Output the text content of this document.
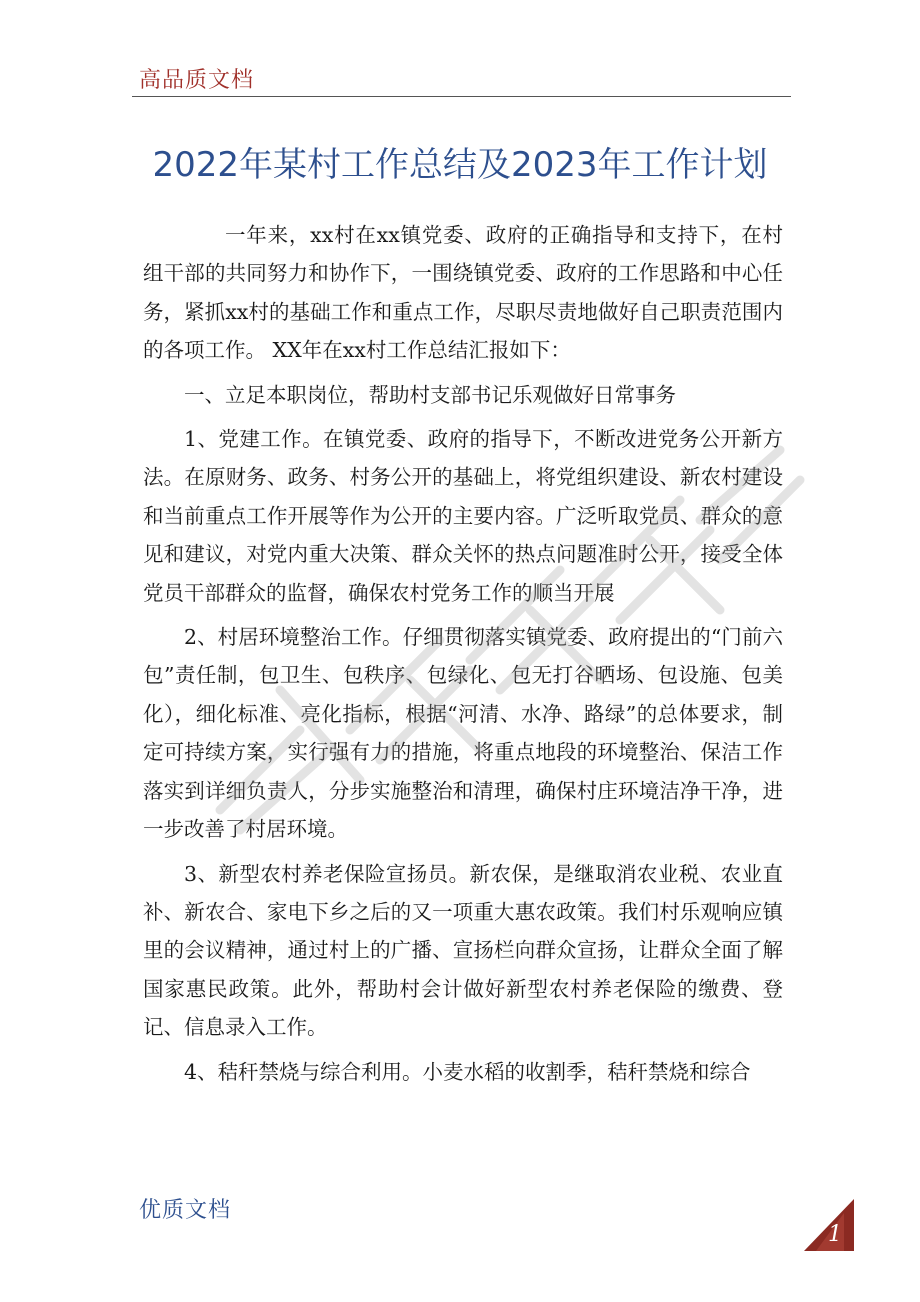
高品质文档
2022年某村工作总结及2023年工作计划

一年来，xx村在xx镇党委、政府的正确指导和支持下，在村组干部的共同努力和协作下，一围绕镇党委、政府的工作思路和中心任务，紧抓xx村的基础工作和重点工作，尽职尽责地做好自己职责范围内的各项工作。 XX年在xx村工作总结汇报如下：

一、立足本职岗位，帮助村支部书记乐观做好日常事务

1、党建工作。在镇党委、政府的指导下，不断改进党务公开新方法。在原财务、政务、村务公开的基础上，将党组织建设、新农村建设和当前重点工作开展等作为公开的主要内容。广泛听取党员、群众的意见和建议，对党内重大决策、群众关怀的热点问题准时公开，接受全体党员干部群众的监督，确保农村党务工作的顺当开展

2、村居环境整治工作。仔细贯彻落实镇党委、政府提出的“门前六包”责任制，包卫生、包秩序、包绿化、包无打谷晒场、包设施、包美化），细化标准、亮化指标，根据“河清、水净、路绿”的总体要求，制定可持续方案，实行强有力的措施，将重点地段的环境整治、保洁工作落实到详细负责人，分步实施整治和清理，确保村庄环境洁净干净，进一步改善了村居环境。

3、新型农村养老保险宣扬员。新农保，是继取消农业税、农业直补、新农合、家电下乡之后的又一项重大惠农政策。我们村乐观响应镇里的会议精神，通过村上的广播、宣扬栏向群众宣扬，让群众全面了解国家惠民政策。此外，帮助村会计做好新型农村养老保险的缴费、登记、信息录入工作。

4、秸秆禁烧与综合利用。小麦水稻的收割季，秸秆禁烧和综合

优质文档
1
